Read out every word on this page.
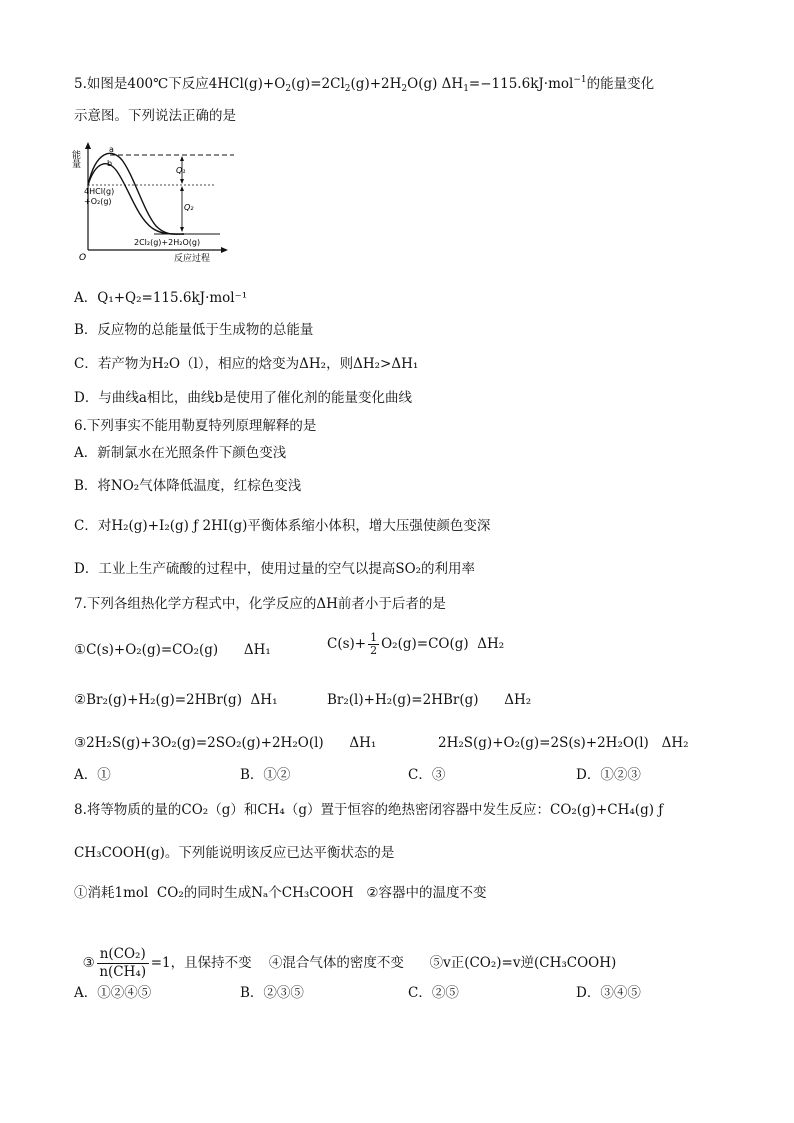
5.如图是400℃下反应$4HCl(g)+O_2(g)=2Cl_2(g)+2H_2O(g)$ $\Delta H_1=-115.6kJ\cdot mol^{-1}$的能量变化
示意图。下列说法正确的是
能量
O	反应过程
a
b
Q₁
Q₂
4HCl(g)
+O₂(g)
2Cl₂(g)+2H₂O(g)
A．Q₁+Q₂=115.6kJ·mol⁻¹
B．反应物的总能量低于生成物的总能量
C．若产物为H₂O（l），相应的焓变为ΔH₂，则ΔH₂>ΔH₁
D．与曲线a相比，曲线b是使用了催化剂的能量变化曲线
6.下列事实不能用勒夏特列原理解释的是
A．新制氯水在光照条件下颜色变浅
B．将NO₂气体降低温度，红棕色变浅
C．对H₂(g)+I₂(g) ƒ 2HI(g)平衡体系缩小体积，增大压强使颜色变深
D．工业上生产硫酸的过程中，使用过量的空气以提高SO₂的利用率
7.下列各组热化学方程式中，化学反应的ΔH前者小于后者的是
①C(s)+O₂(g)=CO₂(g)      ΔH₁	$C(s)+ \frac{1}{2} O_2(g)=CO(g)$  ΔH₂
②Br₂(g)+H₂(g)=2HBr(g)  ΔH₁	Br₂(l)+H₂(g)=2HBr(g)      ΔH₂
③2H₂S(g)+3O₂(g)=2SO₂(g)+2H₂O(l)      ΔH₁	2H₂S(g)+O₂(g)=2S(s)+2H₂O(l)   ΔH₂
A．①	B．①②	C．③	D．①②③
8.将等物质的量的CO₂（g）和CH₄（g）置于恒容的绝热密闭容器中发生反应：CO₂(g)+CH₄(g) ƒ
CH₃COOH(g)。下列能说明该反应已达平衡状态的是
①消耗1mol  CO₂的同时生成Nₐ个CH₃COOH   ②容器中的温度不变

③ $\frac{\text{n(CO₂)}}{\text{n(CH₄)}} =1$，且保持不变    ④混合气体的密度不变      ⑤v正(CO₂)=v逆(CH₃COOH)

A．①②④⑤	B．②③⑤	C．②⑤	D．③④⑤
